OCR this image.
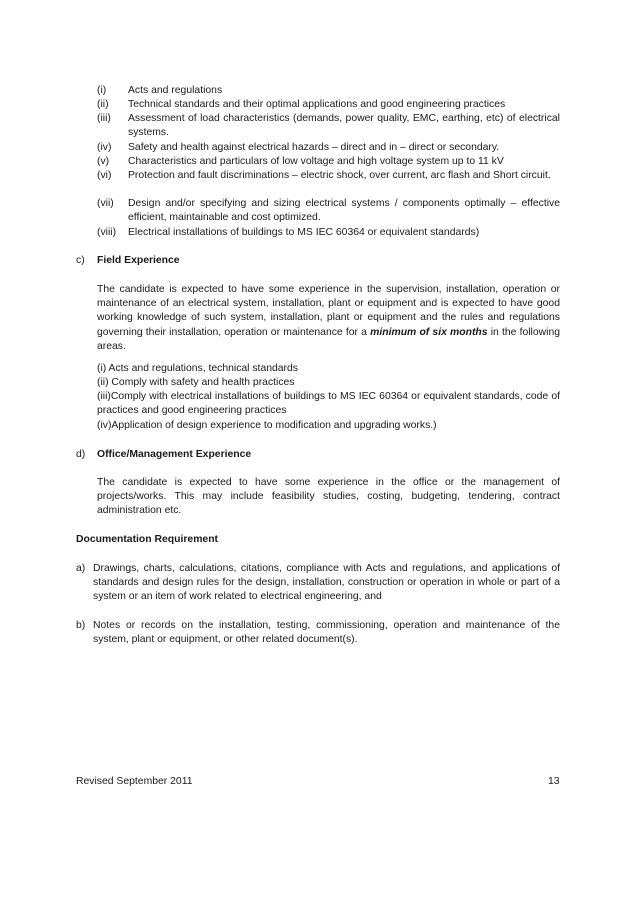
(i) Acts and regulations
(ii) Technical standards and their optimal applications and good engineering practices
(iii) Assessment of load characteristics (demands, power quality, EMC, earthing, etc) of electrical systems.
(iv) Safety and health against electrical hazards – direct and in – direct or secondary.
(v) Characteristics and particulars of low voltage and high voltage system up to 11 kV
(vi) Protection and fault discriminations – electric shock, over current, arc flash and Short circuit.
(vii) Design and/or specifying and sizing electrical systems / components optimally – effective efficient, maintainable and cost optimized.
(viii) Electrical installations of buildings to MS IEC 60364 or equivalent standards)
c) Field Experience

The candidate is expected to have some experience in the supervision, installation, operation or maintenance of an electrical system, installation, plant or equipment and is expected to have good working knowledge of such system, installation, plant or equipment and the rules and regulations governing their installation, operation or maintenance for a minimum of six months in the following areas.

(i) Acts and regulations, technical standards
(ii) Comply with safety and health practices

(iii)Comply with electrical installations of buildings to MS IEC 60364 or equivalent standards, code of practices and good engineering practices

(iv)Application of design experience to modification and upgrading works.)
d) Office/Management Experience

The candidate is expected to have some experience in the office or the management of projects/works. This may include feasibility studies, costing, budgeting, tendering, contract administration etc.

Documentation Requirement
a) Drawings, charts, calculations, citations, compliance with Acts and regulations, and applications of standards and design rules for the design, installation, construction or operation in whole or part of a system or an item of work related to electrical engineering, and

b) Notes or records on the installation, testing, commissioning, operation and maintenance of the system, plant or equipment, or other related document(s).

Revised September 2011	13
